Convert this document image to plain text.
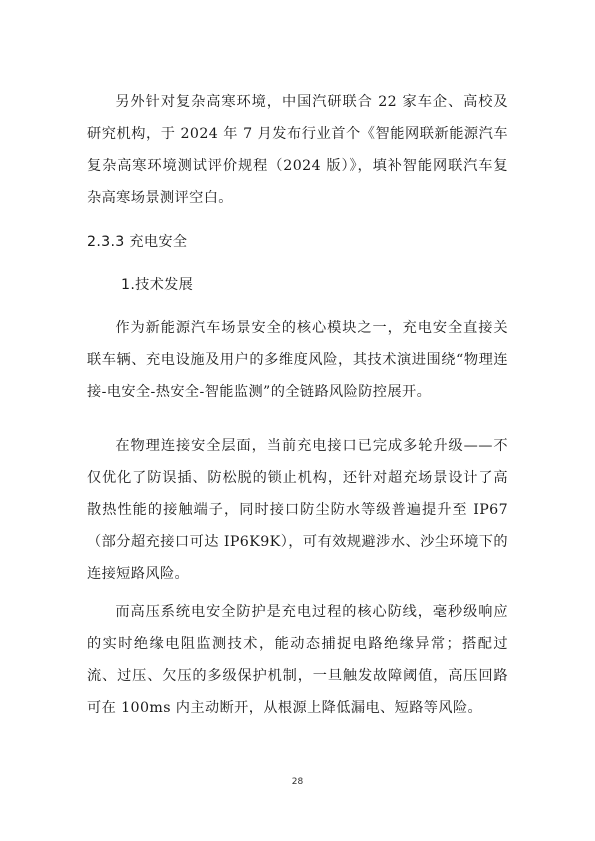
另外针对复杂高寒环境，中国汽研联合 22 家车企、高校及研究机构，于 2024 年 7 月发布行业首个《智能网联新能源汽车复杂高寒环境测试评价规程（2024 版）》，填补智能网联汽车复杂高寒场景测评空白。

2.3.3 充电安全
1.技术发展

作为新能源汽车场景安全的核心模块之一，充电安全直接关联车辆、充电设施及用户的多维度风险，其技术演进围绕“物理连接-电安全-热安全-智能监测”的全链路风险防控展开。

在物理连接安全层面，当前充电接口已完成多轮升级——不仅优化了防误插、防松脱的锁止机构，还针对超充场景设计了高散热性能的接触端子，同时接口防尘防水等级普遍提升至 IP67（部分超充接口可达 IP6K9K），可有效规避涉水、沙尘环境下的连接短路风险。

而高压系统电安全防护是充电过程的核心防线，毫秒级响应的实时绝缘电阻监测技术，能动态捕捉电路绝缘异常；搭配过流、过压、欠压的多级保护机制，一旦触发故障阈值，高压回路可在 100ms 内主动断开，从根源上降低漏电、短路等风险。

28
